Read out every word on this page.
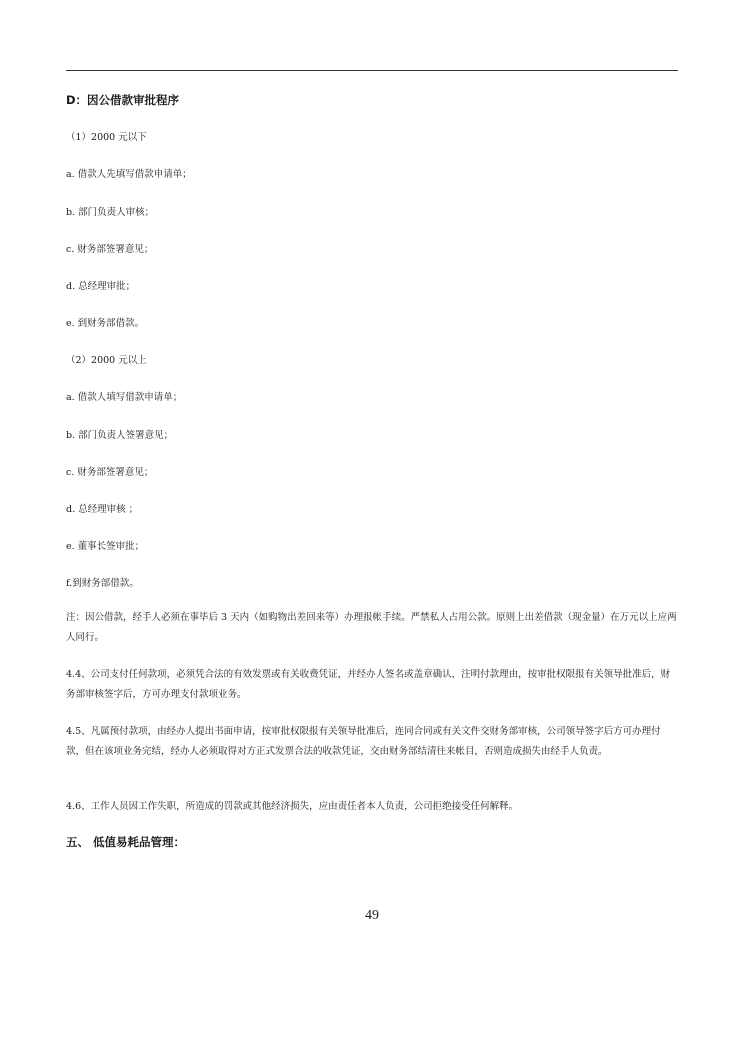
D：因公借款审批程序
（1）2000 元以下
a. 借款人先填写借款申请单；
b. 部门负责人审核；
c. 财务部签署意见；
d. 总经理审批；
e. 到财务部借款。
（2）2000 元以上
a. 借款人填写借款申请单；
b. 部门负责人签署意见；
c. 财务部签署意见；
d. 总经理审核 ；
e. 董事长签审批；
f.到财务部借款。
注：因公借款，经手人必须在事毕后 3 天内（如购物出差回来等）办理报帐手续。严禁私人占用公款。原则上出差借款（现金量）在万元以上应两人同行。
4.4、公司支付任何款项，必须凭合法的有效发票或有关收费凭证，并经办人签名或盖章确认，注明付款理由，按审批权限报有关领导批准后，财务部审核签字后，方可办理支付款项业务。
4.5、凡属预付款项，由经办人提出书面申请，按审批权限报有关领导批准后，连同合同或有关文件交财务部审核，公司领导签字后方可办理付款，但在该项业务完结，经办人必须取得对方正式发票合法的收款凭证，交由财务部结清往来帐目，否则造成损失由经手人负责。
4.6、工作人员因工作失职，所造成的罚款或其他经济损失，应由责任者本人负责，公司拒绝接受任何解释。
五、 低值易耗品管理：
49
